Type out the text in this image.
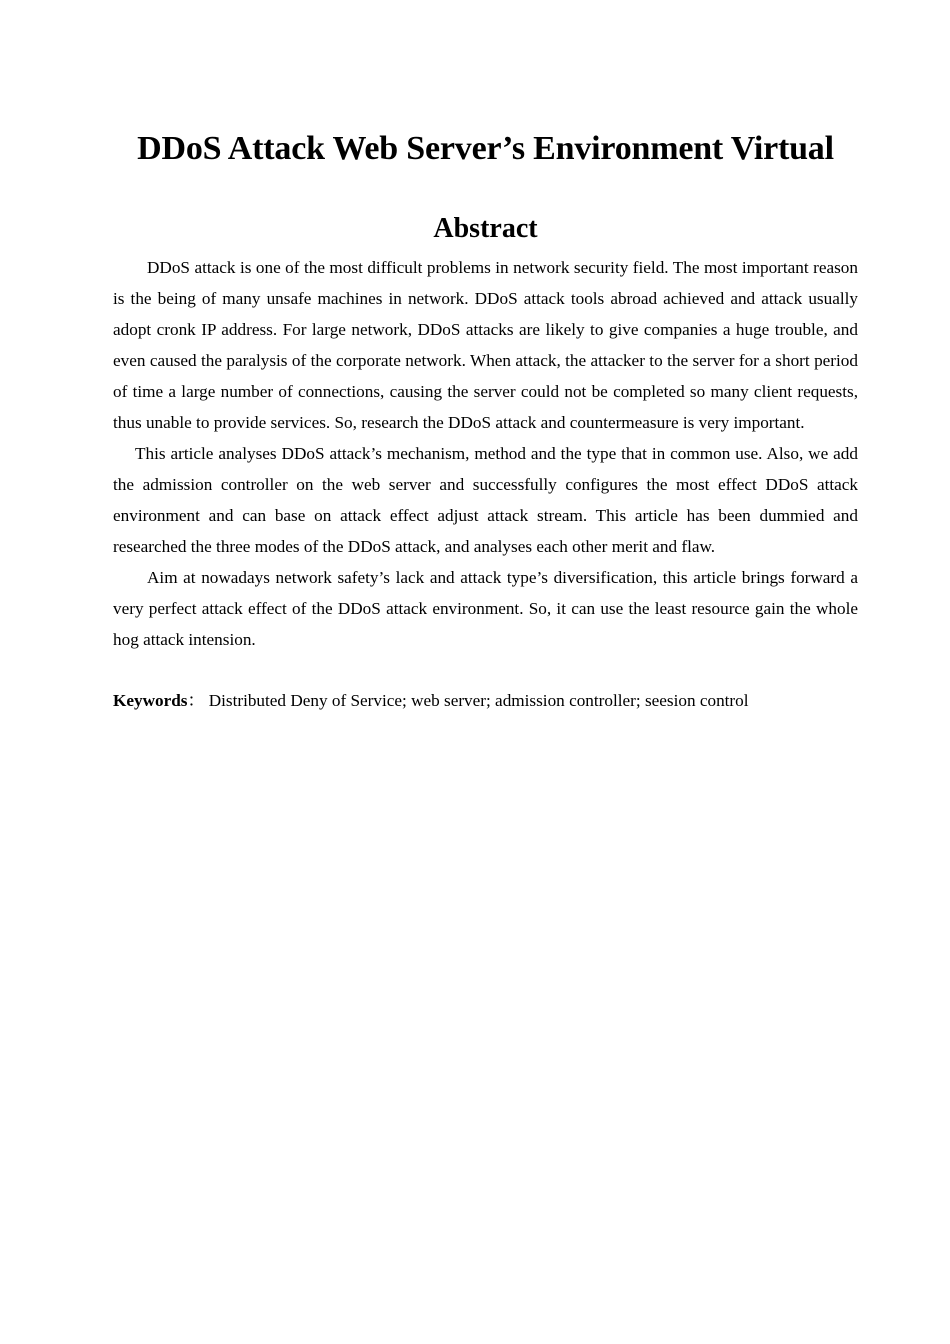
DDoS Attack Web Server’s Environment Virtual
Abstract

DDoS attack is one of the most difficult problems in network security field. The most important reason is the being of many unsafe machines in network. DDoS attack tools abroad achieved and attack usually adopt cronk IP address. For large network, DDoS attacks are likely to give companies a huge trouble, and even caused the paralysis of the corporate network. When attack, the attacker to the server for a short period of time a large number of connections, causing the server could not be completed so many client requests, thus unable to provide services. So, research the DDoS attack and countermeasure is very important.

This article analyses DDoS attack’s mechanism, method and the type that in common use. Also, we add the admission controller on the web server and successfully configures the most effect DDoS attack environment and can base on attack effect adjust attack stream. This article has been dummied and researched the three modes of the DDoS attack, and analyses each other merit and flaw.

Aim at nowadays network safety’s lack and attack type’s diversification, this article brings forward a very perfect attack effect of the DDoS attack environment. So, it can use the least resource gain the whole hog attack intension.

Keywords： Distributed Deny of Service; web server; admission controller; seesion control
